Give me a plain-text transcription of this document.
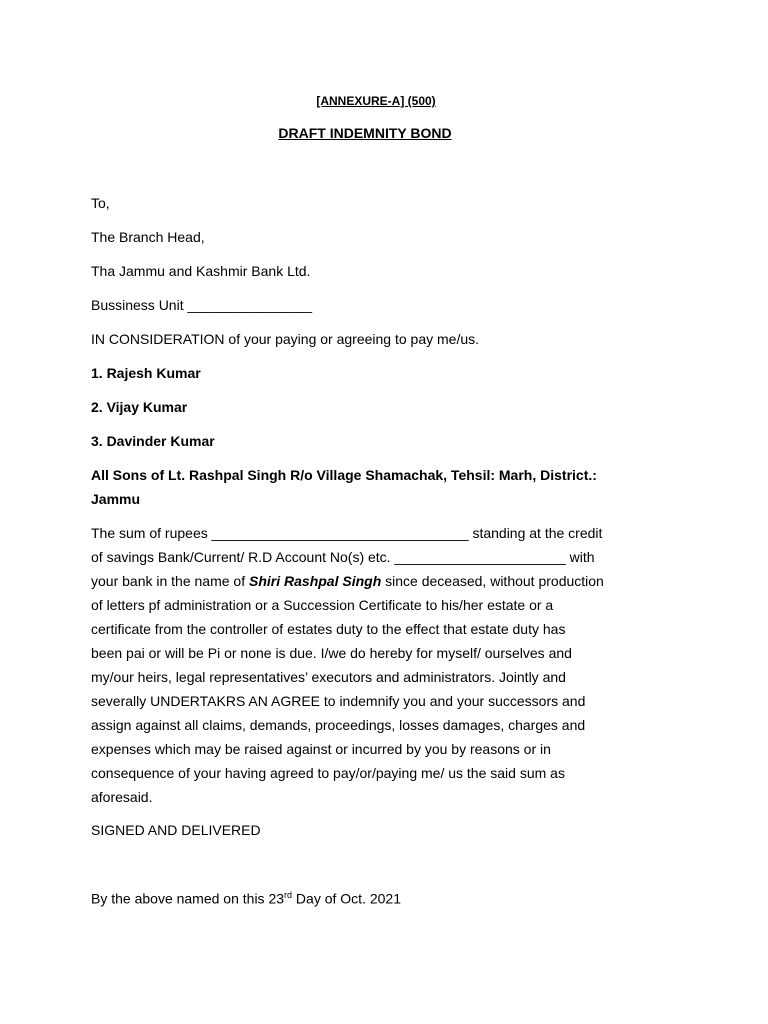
[ANNEXURE-A] (500)
DRAFT INDEMNITY BOND
To,
The Branch Head,
Tha Jammu and Kashmir Bank Ltd.
Bussiness Unit ________________
IN CONSIDERATION of your paying or agreeing to pay me/us.
1. Rajesh Kumar
2. Vijay Kumar
3. Davinder Kumar
All Sons of Lt. Rashpal Singh R/o Village Shamachak, Tehsil: Marh, District.:
Jammu
The sum of rupees _________________________________ standing at the credit
of savings Bank/Current/ R.D Account No(s) etc. ______________________ with
your bank in the name of Shiri Rashpal Singh since deceased, without production
of letters pf administration or a Succession Certificate to his/her estate or a
certificate from the controller of estates duty to the effect that estate duty has
been pai or will be Pi or none is due. I/we do hereby for myself/ ourselves and
my/our heirs, legal representatives’ executors and administrators. Jointly and
severally UNDERTAKRS AN AGREE to indemnify you and your successors and
assign against all claims, demands, proceedings, losses damages, charges and
expenses which may be raised against or incurred by you by reasons or in
consequence of your having agreed to pay/or/paying me/ us the said sum as
aforesaid.
SIGNED AND DELIVERED
By the above named on this 23rd Day of Oct. 2021
